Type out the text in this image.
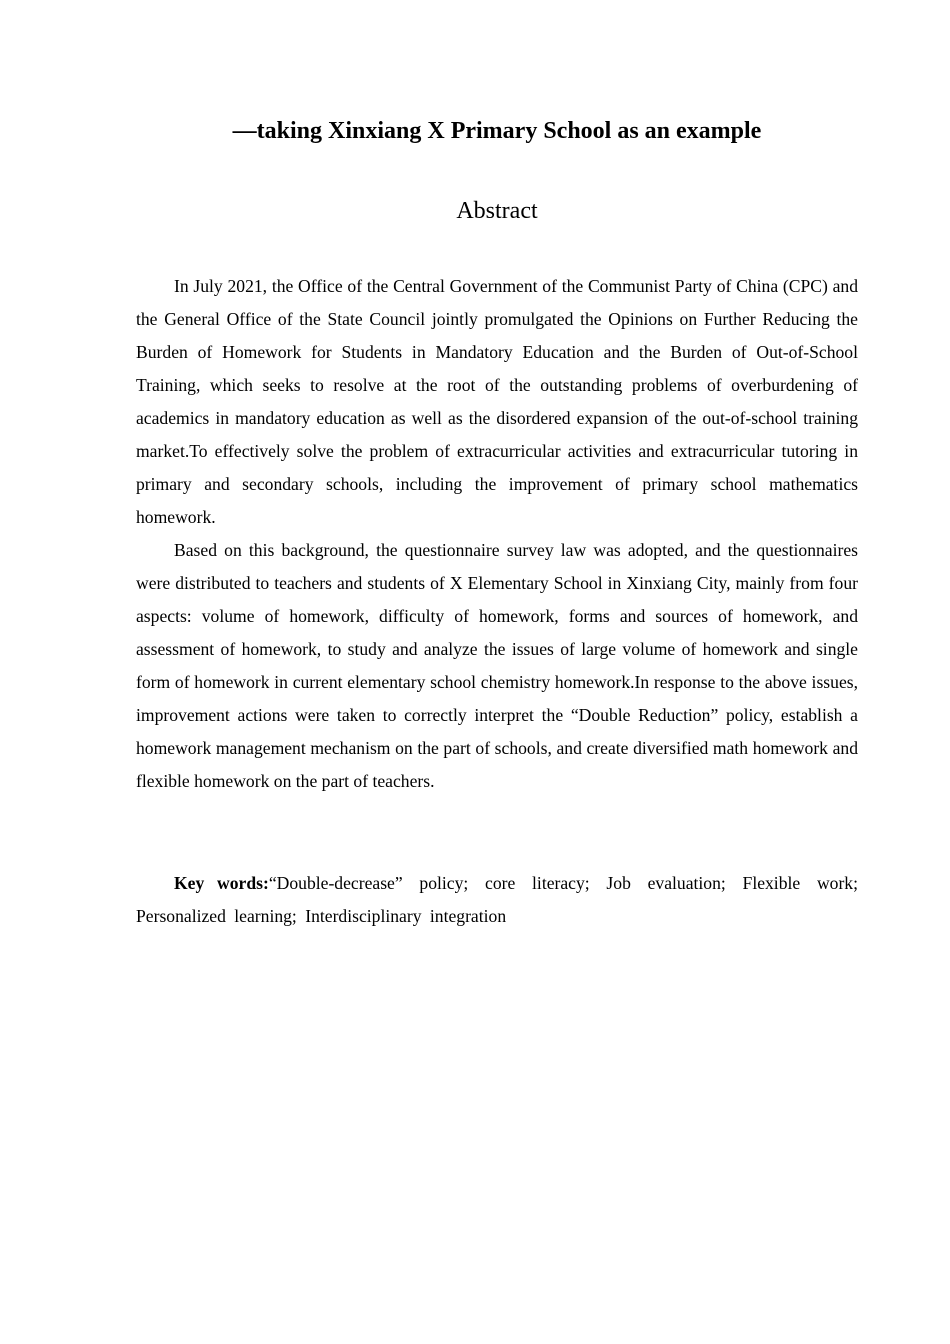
—taking Xinxiang X Primary School as an example
Abstract

In July 2021, the Office of the Central Government of the Communist Party of China (CPC) and the General Office of the State Council jointly promulgated the Opinions on Further Reducing the Burden of Homework for Students in Mandatory Education and the Burden of Out-of-School Training, which seeks to resolve at the root of the outstanding problems of overburdening of academics in mandatory education as well as the disordered expansion of the out-of-school training market.To effectively solve the problem of extracurricular activities and extracurricular tutoring in primary and secondary schools, including the improvement of primary school mathematics homework.

Based on this background, the questionnaire survey law was adopted, and the questionnaires were distributed to teachers and students of X Elementary School in Xinxiang City, mainly from four aspects: volume of homework, difficulty of homework, forms and sources of homework, and assessment of homework, to study and analyze the issues of large volume of homework and single form of homework in current elementary school chemistry homework.In response to the above issues, improvement actions were taken to correctly interpret the “Double Reduction” policy, establish a homework management mechanism on the part of schools, and create diversified math homework and flexible homework on the part of teachers.

Key words:“Double-decrease” policy; core literacy; Job evaluation; Flexible work; Personalized learning; Interdisciplinary integration
